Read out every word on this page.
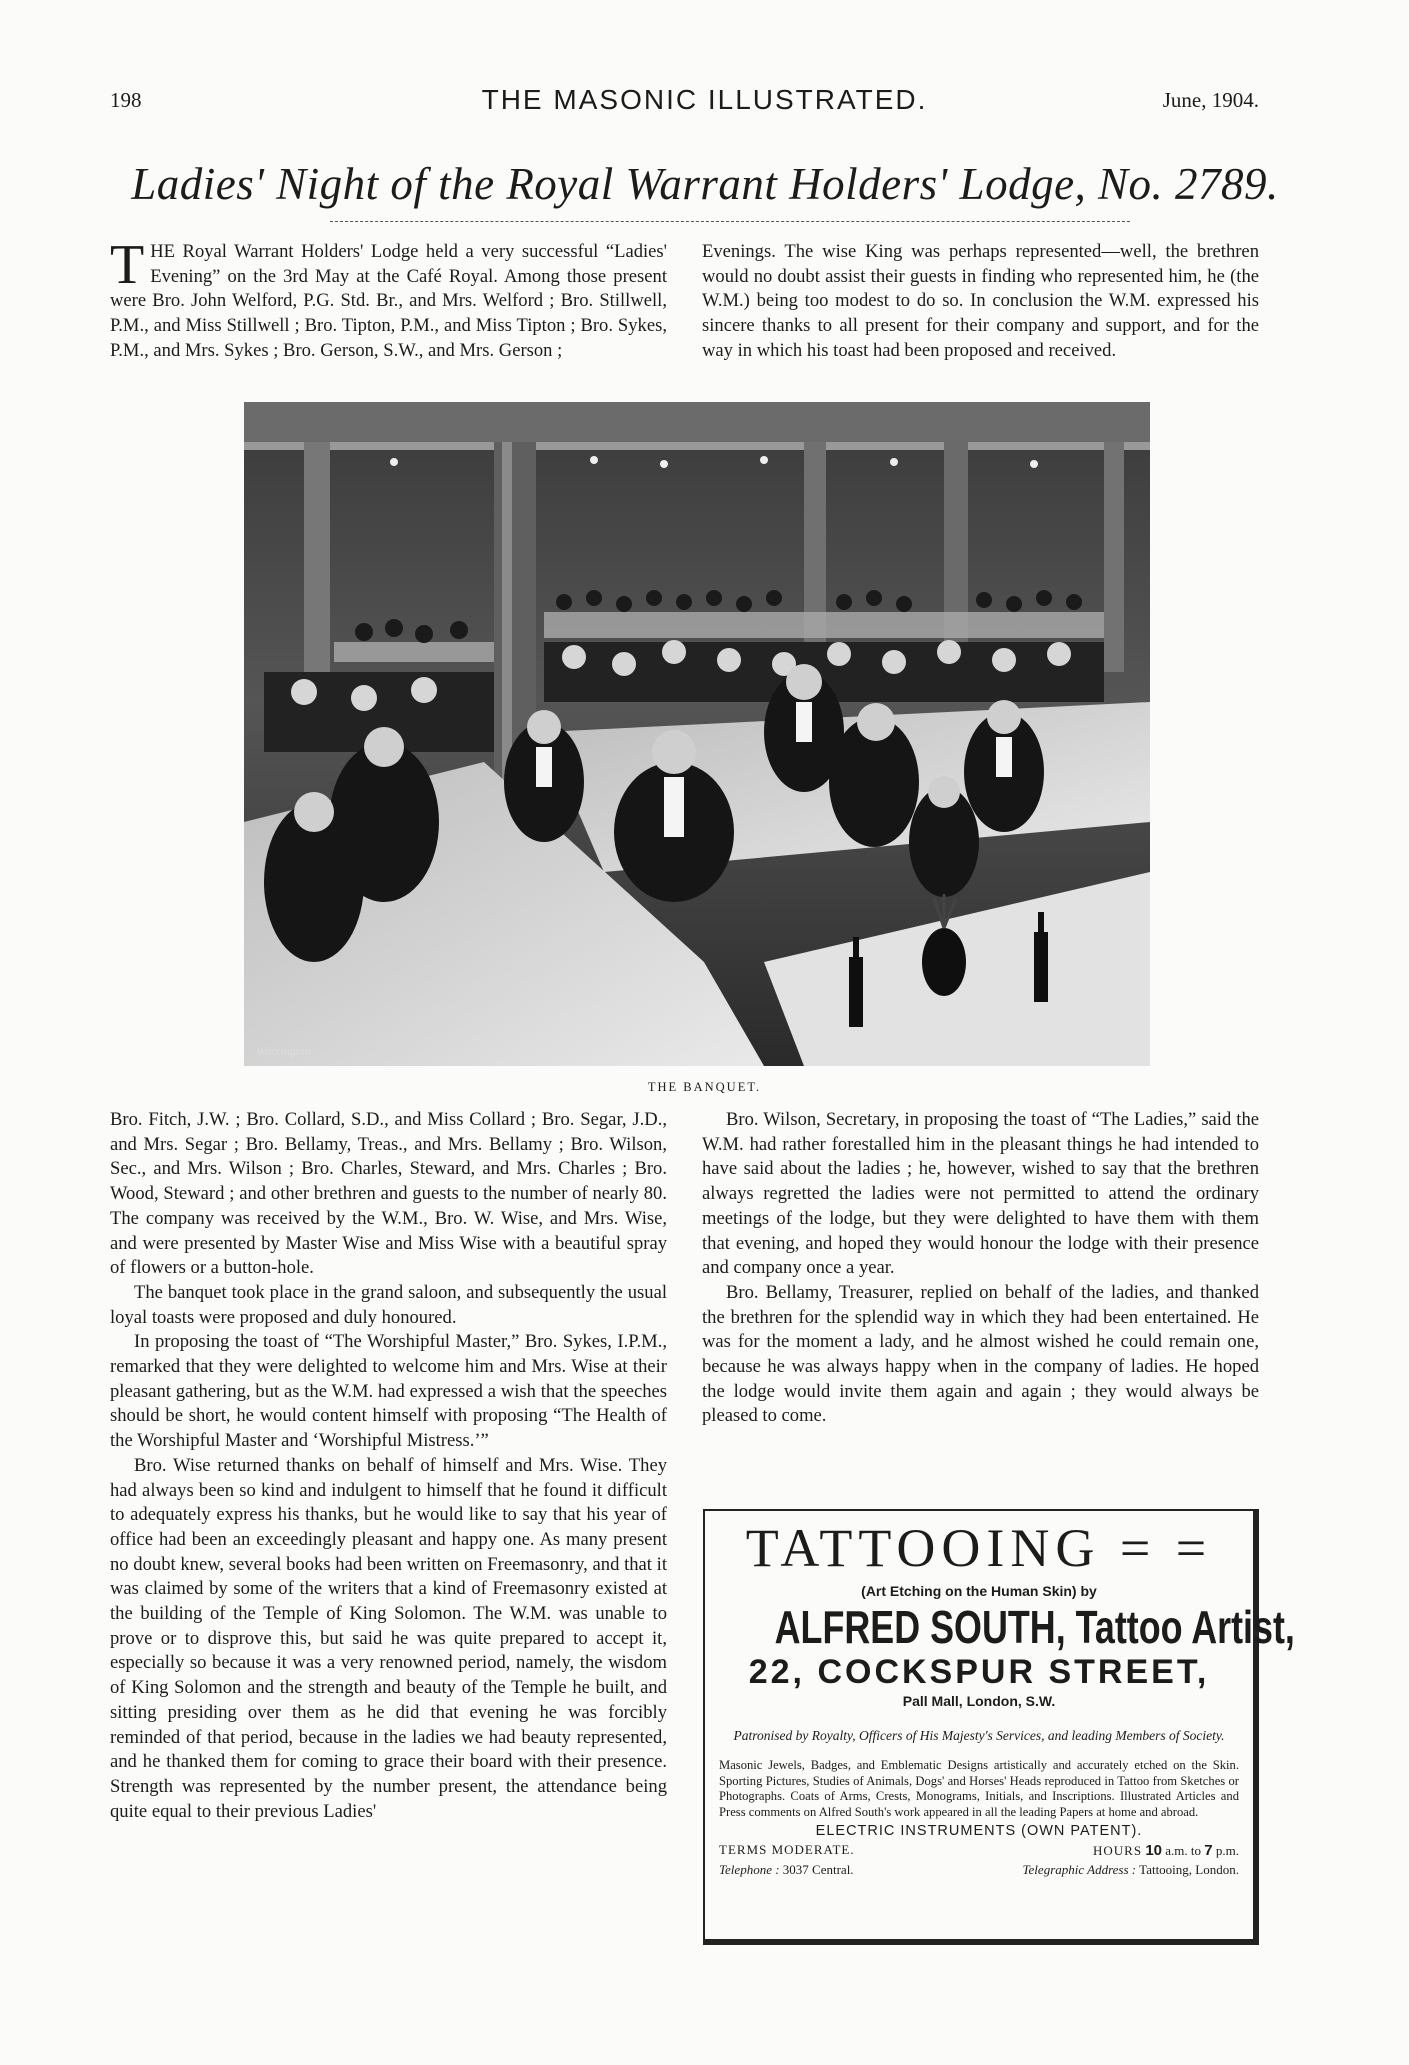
198	THE MASONIC ILLUSTRATED.	June, 1904.
Ladies' Night of the Royal Warrant Holders' Lodge, No. 2789.

THE Royal Warrant Holders' Lodge held a very successful “Ladies' Evening” on the 3rd May at the Café Royal. Among those present were Bro. John Welford, P.G. Std. Br., and Mrs. Welford ; Bro. Stillwell, P.M., and Miss Stillwell ; Bro. Tipton, P.M., and Miss Tipton ; Bro. Sykes, P.M., and Mrs. Sykes ; Bro. Gerson, S.W., and Mrs. Gerson ;

Evenings. The wise King was perhaps represented—well, the brethren would no doubt assist their guests in finding who represented him, he (the W.M.) being too modest to do so. In conclusion the W.M. expressed his sincere thanks to all present for their company and support, and for the way in which his toast had been proposed and received.

Warrington
THE BANQUET.

Bro. Fitch, J.W. ; Bro. Collard, S.D., and Miss Collard ; Bro. Segar, J.D., and Mrs. Segar ; Bro. Bellamy, Treas., and Mrs. Bellamy ; Bro. Wilson, Sec., and Mrs. Wilson ; Bro. Charles, Steward, and Mrs. Charles ; Bro. Wood, Steward ; and other brethren and guests to the number of nearly 80. The company was received by the W.M., Bro. W. Wise, and Mrs. Wise, and were presented by Master Wise and Miss Wise with a beautiful spray of flowers or a button-hole.

The banquet took place in the grand saloon, and subsequently the usual loyal toasts were proposed and duly honoured.

In proposing the toast of “The Worshipful Master,” Bro. Sykes, I.P.M., remarked that they were delighted to welcome him and Mrs. Wise at their pleasant gathering, but as the W.M. had expressed a wish that the speeches should be short, he would content himself with proposing “The Health of the Worshipful Master and ‘Worshipful Mistress.’”

Bro. Wise returned thanks on behalf of himself and Mrs. Wise. They had always been so kind and indulgent to himself that he found it difficult to adequately express his thanks, but he would like to say that his year of office had been an exceedingly pleasant and happy one. As many present no doubt knew, several books had been written on Freemasonry, and that it was claimed by some of the writers that a kind of Freemasonry existed at the building of the Temple of King Solomon. The W.M. was unable to prove or to disprove this, but said he was quite prepared to accept it, especially so because it was a very renowned period, namely, the wisdom of King Solomon and the strength and beauty of the Temple he built, and sitting presiding over them as he did that evening he was forcibly reminded of that period, because in the ladies we had beauty represented, and he thanked them for coming to grace their board with their presence. Strength was represented by the number present, the attendance being quite equal to their previous Ladies'

Bro. Wilson, Secretary, in proposing the toast of “The Ladies,” said the W.M. had rather forestalled him in the pleasant things he had intended to have said about the ladies ; he, however, wished to say that the brethren always regretted the ladies were not permitted to attend the ordinary meetings of the lodge, but they were delighted to have them with them that evening, and hoped they would honour the lodge with their presence and company once a year.

Bro. Bellamy, Treasurer, replied on behalf of the ladies, and thanked the brethren for the splendid way in which they had been entertained. He was for the moment a lady, and he almost wished he could remain one, because he was always happy when in the company of ladies. He hoped the lodge would invite them again and again ; they would always be pleased to come.

TATTOOING = =
(Art Etching on the Human Skin) by
ALFRED SOUTH, Tattoo Artist,
22, COCKSPUR STREET,
Pall Mall, London, S.W.
Patronised by Royalty, Officers of His Majesty's Services, and leading Members of Society.
Masonic Jewels, Badges, and Emblematic Designs artistically and accurately etched on the Skin. Sporting Pictures, Studies of Animals, Dogs' and Horses' Heads reproduced in Tattoo from Sketches or Photographs. Coats of Arms, Crests, Monograms, Initials, and Inscriptions. Illustrated Articles and Press comments on Alfred South's work appeared in all the leading Papers at home and abroad.
ELECTRIC INSTRUMENTS (OWN PATENT).
TERMS MODERATE.	HOURS 10 a.m. to 7 p.m.
Telephone : 3037 Central.	Telegraphic Address : Tattooing, London.
